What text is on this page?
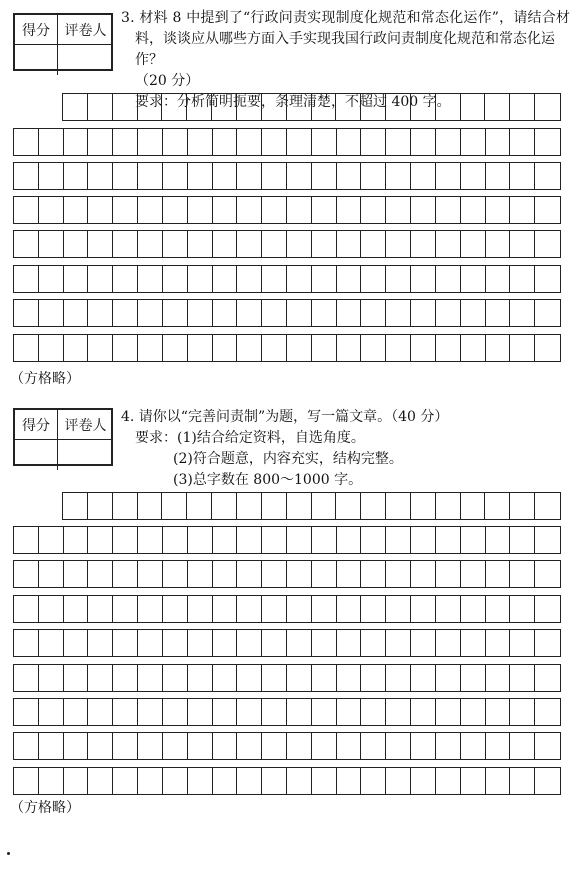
得分	评卷人

3. 材料 8 中提到了“行政问责实现制度化规范和常态化运作”，请结合材

料，谈谈应从哪些方面入手实现我国行政问责制度化规范和常态化运作？

（20 分）

要求：分析简明扼要，条理清楚，不超过 400 字。

（方格略）
得分	评卷人

4. 请你以“完善问责制”为题，写一篇文章。（40 分）

要求：(1)结合给定资料，自选角度。

(2)符合题意，内容充实，结构完整。

(3)总字数在 800～1000 字。

（方格略）
